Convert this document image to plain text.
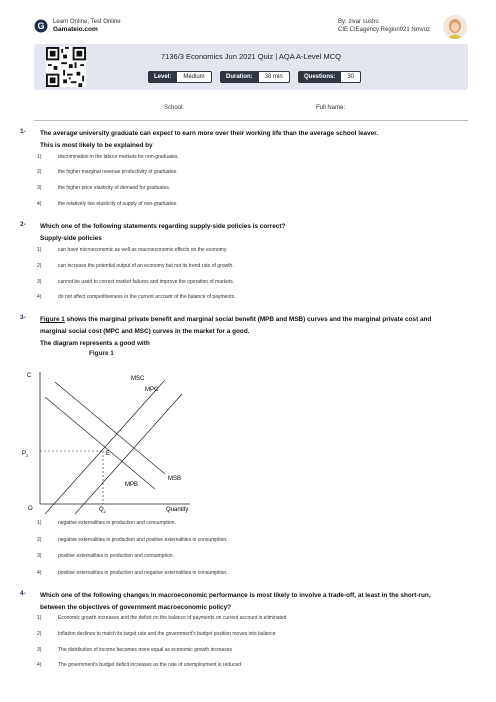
G Learn Online, Test Online
Gamateio.com
By: zivar sushu
CIE CIEagency Region021 Nmvoz
7136/3 Economics Jun 2021 Quiz | AQA A-Level MCQ
Level:	Medium	Duration:	30 min	Questions:	30
School:	Full Name:
1- The average university graduate can expect to earn more over their working life than the average school leaver.
This is most likely to be explained by
1)	discrimination in the labour markets for non-graduates.
2)	the higher marginal revenue productivity of graduates.
3)	the higher price elasticity of demand for graduates.
4)	the relatively low elasticity of supply of non-graduates.
2- Which one of the following statements regarding supply-side policies is correct?
Supply-side policies
1)	can have microeconomic as well as macroeconomic effects on the economy.
2)	can increase the potential output of an economy but not its trend rate of growth.
3)	cannot be used to correct market failures and improve the operation of markets.
4)	do not affect competitiveness or the current account of the balance of payments.
3- Figure 1 shows the marginal private benefit and marginal social benefit (MPB and MSB) curves and the marginal private cost and
marginal social cost (MPC and MSC) curves in the market for a good.
The diagram represents a good with
Figure 1
C
$P_2$
O	$Q_2$	Quantity
E
MSC
MPC
MSB
MPB
1)	negative externalities in production and consumption.
2)	negative externalities in production and positive externalities in consumption.
3)	positive externalities in production and consumption.
4)	positive externalities in production and negative externalities in consumption.
4- Which one of the following changes in macroeconomic performance is most likely to involve a trade-off, at least in the short-run,
between the objectives of government macroeconomic policy?
1)	Economic growth increases and the deficit on the balance of payments on current account is eliminated
2)	Inflation declines to match its target rate and the government's budget position moves into balance
3)	The distribution of income becomes more equal as economic growth increases
4)	The government's budget deficit increases as the rate of unemployment is reduced
